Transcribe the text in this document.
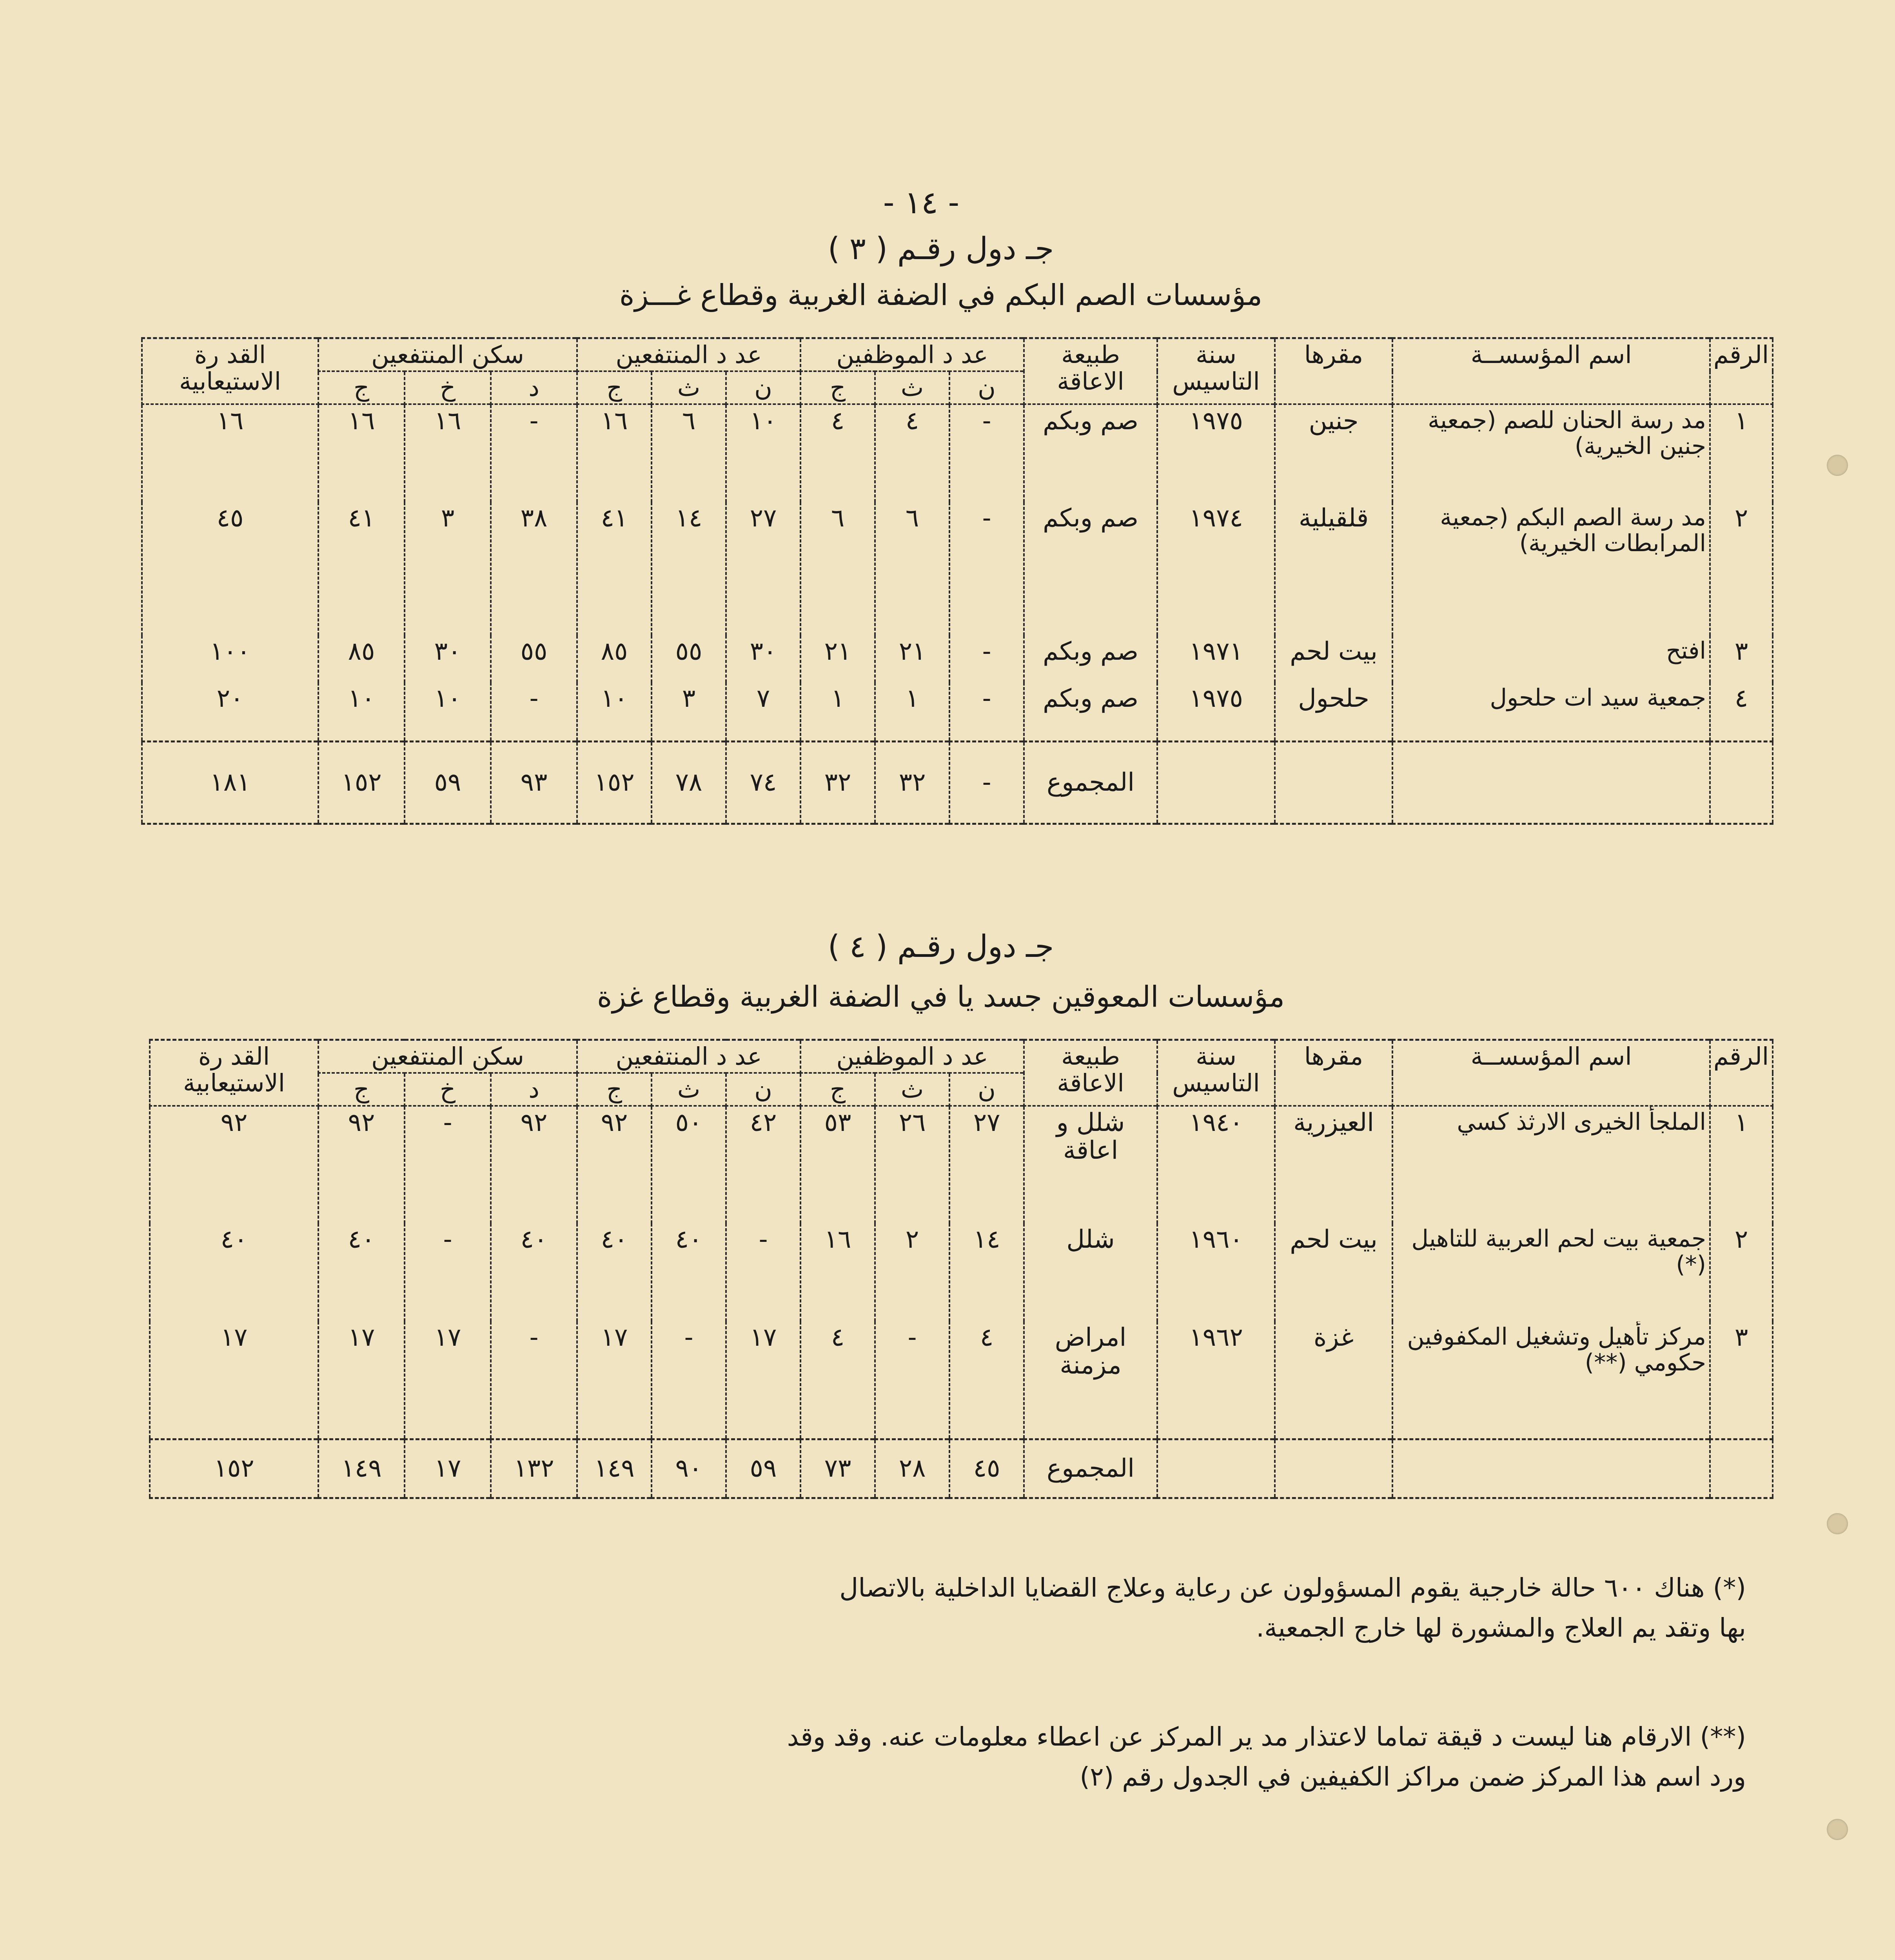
- ١٤ -
جـ دول رقـم ( ٣ )
مؤسسات الصم البكم في الضفة الغربية وقطاع غـــزة
الرقم	اسم المؤسســة	مقرها	سنة التاسيس	طبيعة الاعاقة	عد د الموظفين			عد د المنتفعين			سكن المنتفعين			القد رة الاستيعابية
					ن	ث	ج	ن	ث	ج	د	خ	ج	
١	مد رسة الحنان للصم (جمعية جنين الخيرية)	جنين	١٩٧٥	صم وبكم	-	٤	٤	١٠	٦	١٦	-	١٦	١٦	١٦
٢	مد رسة الصم البكم (جمعية المرابطات الخيرية)	قلقيلية	١٩٧٤	صم وبكم	-	٦	٦	٢٧	١٤	٤١	٣٨	٣	٤١	٤٥
٣	افتح	بيت لحم	١٩٧١	صم وبكم	-	٢١	٢١	٣٠	٥٥	٨٥	٥٥	٣٠	٨٥	١٠٠
٤	جمعية سيد ات حلحول	حلحول	١٩٧٥	صم وبكم	-	١	١	٧	٣	١٠	-	١٠	١٠	٢٠
				المجموع	-	٣٢	٣٢	٧٤	٧٨	١٥٢	٩٣	٥٩	١٥٢	١٨١
جـ دول رقـم ( ٤ )
مؤسسات المعوقين جسد يا في الضفة الغربية وقطاع غزة
الرقم	اسم المؤسســة	مقرها	سنة التاسيس	طبيعة الاعاقة	عد د الموظفين			عد د المنتفعين			سكن المنتفعين			القد رة الاستيعابية
					ن	ث	ج	ن	ث	ج	د	خ	ج	
١	الملجأ الخيرى الارثذ كسي	العيزرية	١٩٤٠	شلل و اعاقة	٢٧	٢٦	٥٣	٤٢	٥٠	٩٢	٩٢	-	٩٢	٩٢
٢	جمعية بيت لحم العربية للتاهيل (*)	بيت لحم	١٩٦٠	شلل	١٤	٢	١٦	-	٤٠	٤٠	٤٠	-	٤٠	٤٠
٣	مركز تأهيل وتشغيل المكفوفين حكومي (**)	غزة	١٩٦٢	امراض مزمنة	٤	-	٤	١٧	-	١٧	-	١٧	١٧	١٧
				المجموع	٤٥	٢٨	٧٣	٥٩	٩٠	١٤٩	١٣٢	١٧	١٤٩	١٥٢
(*) هناك ٦٠٠ حالة خارجية يقوم المسؤولون عن رعاية وعلاج القضايا الداخلية بالاتصال
بها وتقد يم العلاج والمشورة لها خارج الجمعية.
(**) الارقام هنا ليست د قيقة تماما لاعتذار مد ير المركز عن اعطاء معلومات عنه. وقد وقد
ورد اسم هذا المركز ضمن مراكز الكفيفين في الجدول رقم (٢)
